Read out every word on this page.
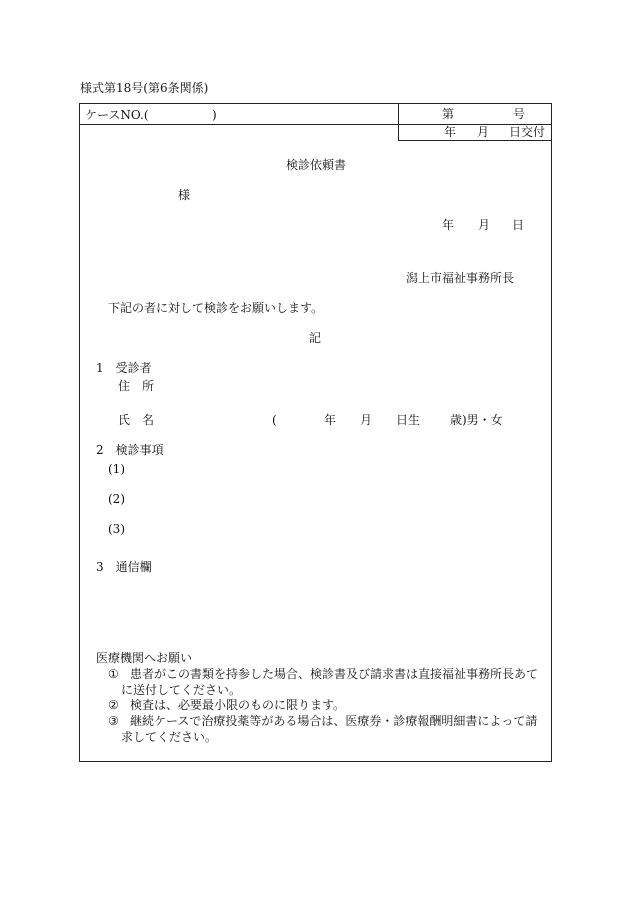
様式第18号(第6条関係)
ケースNO.(	)	第	号
年 月 日交付
検診依頼書
様
年 月 日
潟上市福祉事務所長
下記の者に対して検診をお願いします。
記
1　受診者
住　所
氏　名	(	年 月 日生 歳)男・女
2　検診事項
(1)
(2)
(3)
3　通信欄
医療機関へお願い
① 患者がこの書類を持参した場合、検診書及び請求書は直接福祉事務所長あてに送付してください。
② 検査は、必要最小限のものに限ります。
③ 継続ケースで治療投薬等がある場合は、医療券・診療報酬明細書によって請求してください。
